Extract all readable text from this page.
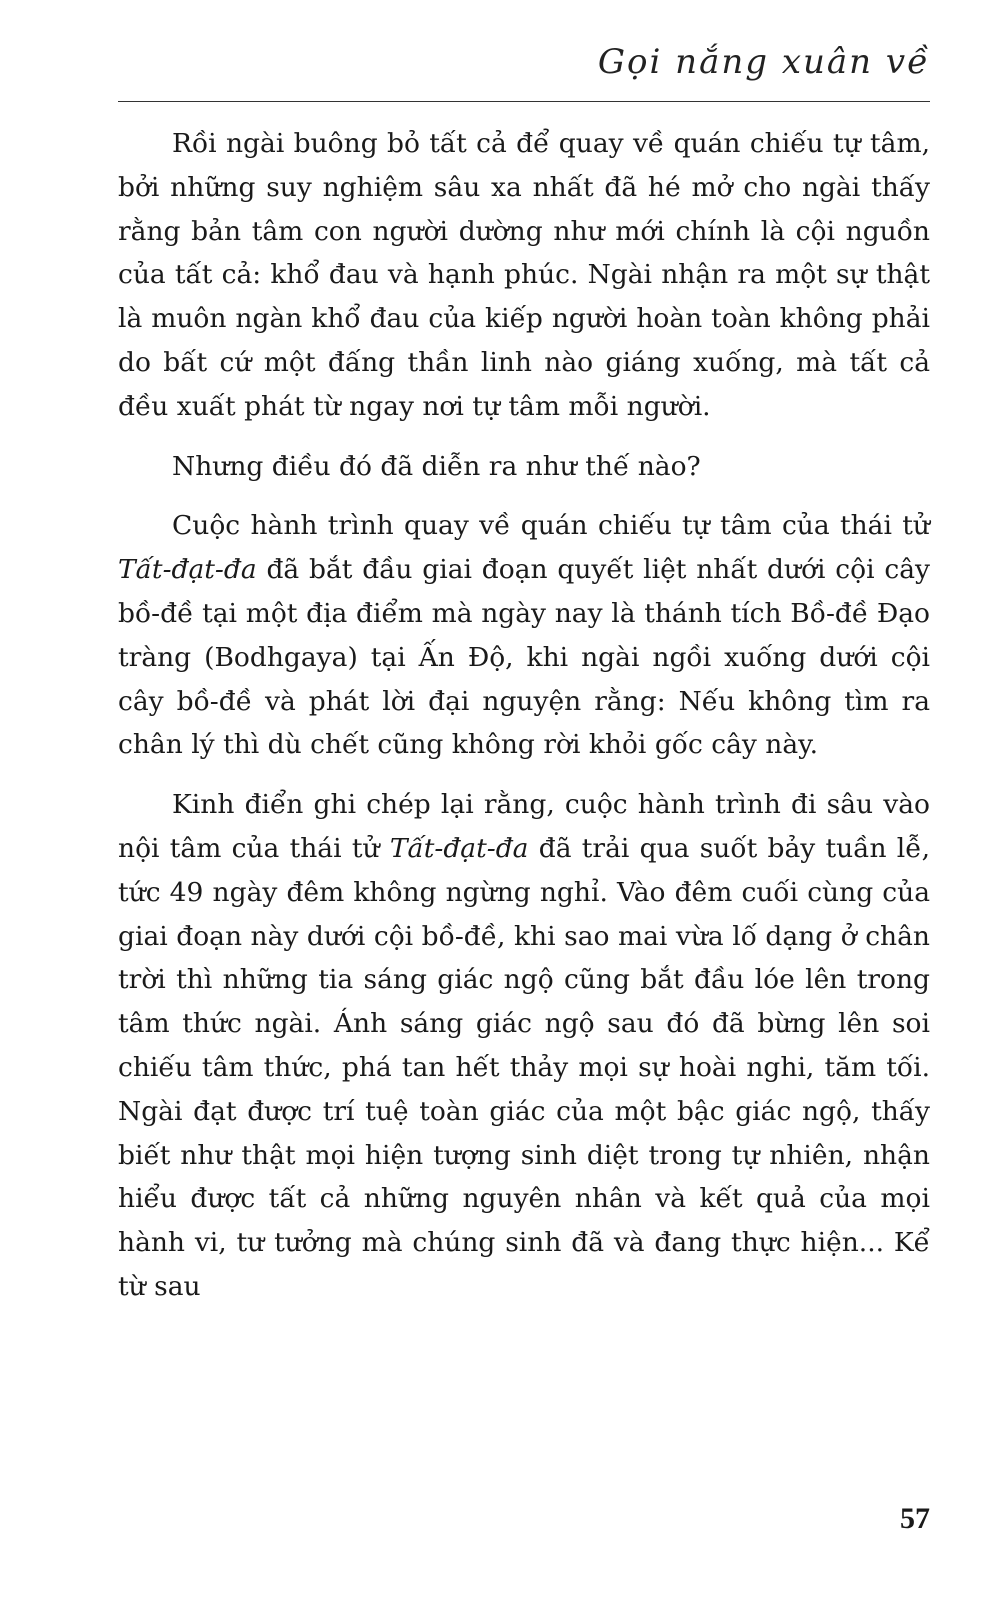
Gọi nắng xuân về

Rồi ngài buông bỏ tất cả để quay về quán chiếu tự tâm, bởi những suy nghiệm sâu xa nhất đã hé mở cho ngài thấy rằng bản tâm con người dường như mới chính là cội nguồn của tất cả: khổ đau và hạnh phúc. Ngài nhận ra một sự thật là muôn ngàn khổ đau của kiếp người hoàn toàn không phải do bất cứ một đấng thần linh nào giáng xuống, mà tất cả đều xuất phát từ ngay nơi tự tâm mỗi người.

Nhưng điều đó đã diễn ra như thế nào?

Cuộc hành trình quay về quán chiếu tự tâm của thái tử Tất-đạt-đa đã bắt đầu giai đoạn quyết liệt nhất dưới cội cây bồ-đề tại một địa điểm mà ngày nay là thánh tích Bồ-đề Đạo tràng (Bodhgaya) tại Ấn Độ, khi ngài ngồi xuống dưới cội cây bồ-đề và phát lời đại nguyện rằng: Nếu không tìm ra chân lý thì dù chết cũng không rời khỏi gốc cây này.

Kinh điển ghi chép lại rằng, cuộc hành trình đi sâu vào nội tâm của thái tử Tất-đạt-đa đã trải qua suốt bảy tuần lễ, tức 49 ngày đêm không ngừng nghỉ. Vào đêm cuối cùng của giai đoạn này dưới cội bồ-đề, khi sao mai vừa lố dạng ở chân trời thì những tia sáng giác ngộ cũng bắt đầu lóe lên trong tâm thức ngài. Ánh sáng giác ngộ sau đó đã bừng lên soi chiếu tâm thức, phá tan hết thảy mọi sự hoài nghi, tăm tối. Ngài đạt được trí tuệ toàn giác của một bậc giác ngộ, thấy biết như thật mọi hiện tượng sinh diệt trong tự nhiên, nhận hiểu được tất cả những nguyên nhân và kết quả của mọi hành vi, tư tưởng mà chúng sinh đã và đang thực hiện... Kể từ sau

57
